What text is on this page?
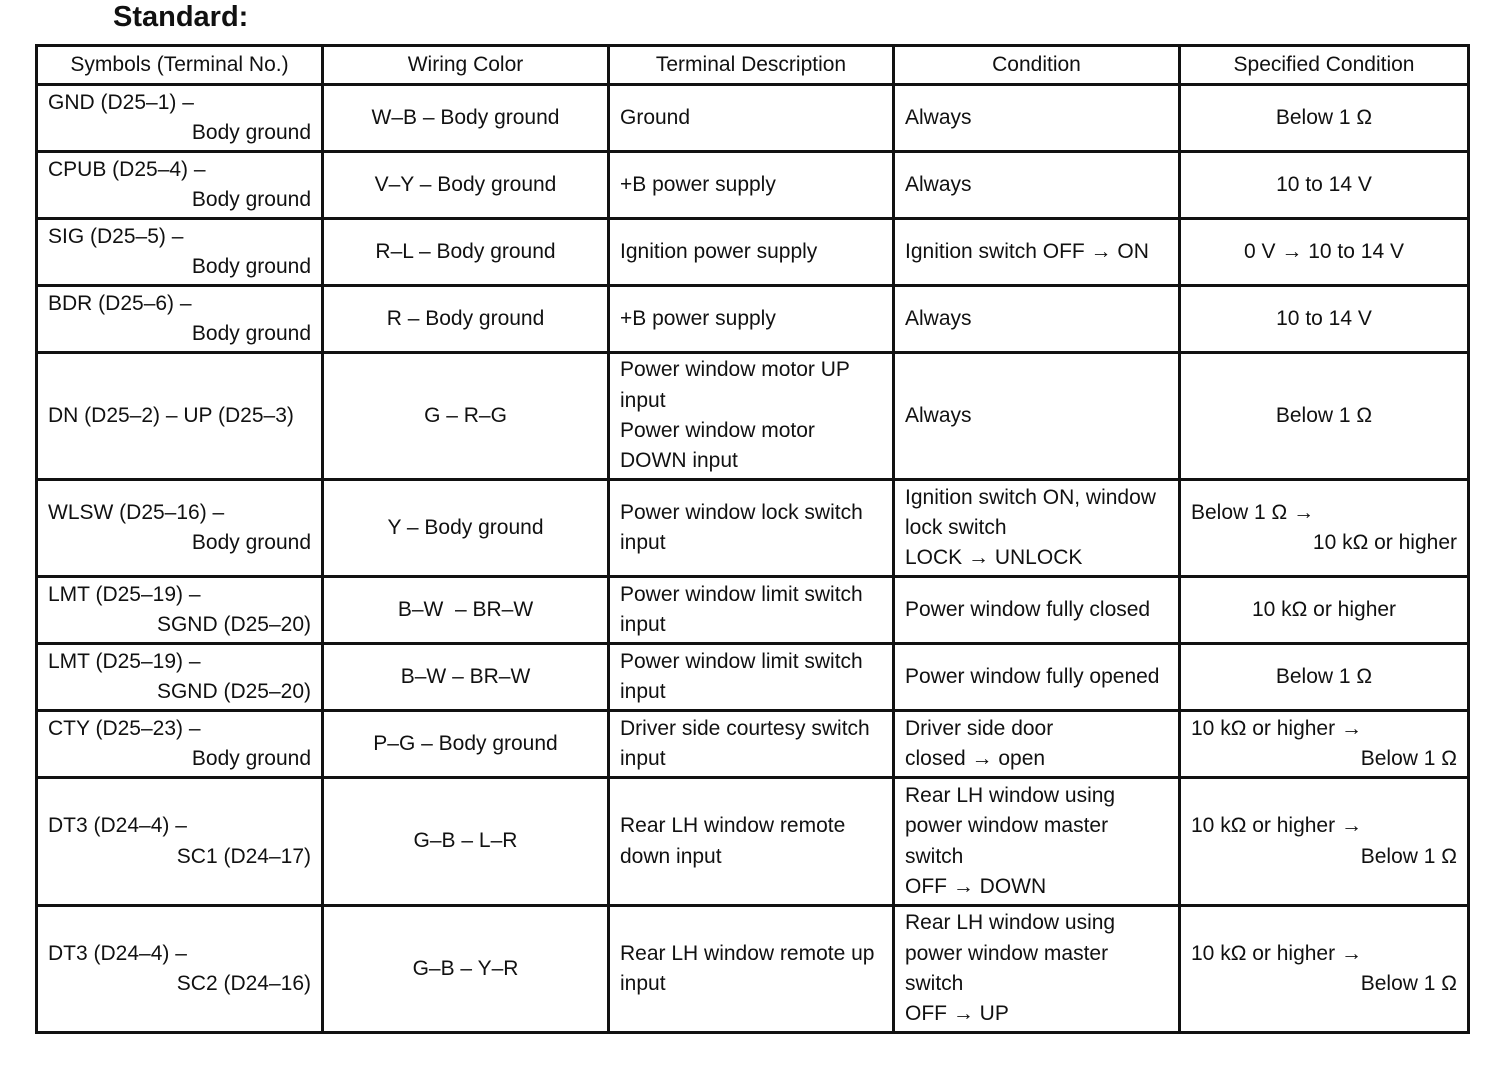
Standard:
Symbols (Terminal No.)	Wiring Color	Terminal Description	Condition	Specified Condition

GND (D25–1) –
Body ground	W–B – Body ground	Ground	Always	Below 1 Ω

CPUB (D25–4) –
Body ground	V–Y – Body ground	+B power supply	Always	10 to 14 V

SIG (D25–5) –
Body ground	R–L – Body ground	Ignition power supply	Ignition switch OFF → ON	0 V → 10 to 14 V

BDR (D25–6) –
Body ground	R – Body ground	+B power supply	Always	10 to 14 V

DN (D25–2) – UP (D25–3)	G – R–G	Power window motor UP
input
Power window motor
DOWN input	Always	Below 1 Ω

WLSW (D25–16) –
Body ground	Y – Body ground	Power window lock switch
input	Ignition switch ON, window
lock switch
LOCK → UNLOCK	Below 1 Ω →
10 kΩ or higher

LMT (D25–19) –
SGND (D25–20)	B–W  – BR–W	Power window limit switch
input	Power window fully closed	10 kΩ or higher

LMT (D25–19) –
SGND (D25–20)	B–W – BR–W	Power window limit switch
input	Power window fully opened	Below 1 Ω

CTY (D25–23) –
Body ground	P–G – Body ground	Driver side courtesy switch
input	Driver side door
closed → open	10 kΩ or higher →
Below 1 Ω

DT3 (D24–4) –
SC1 (D24–17)	G–B – L–R	Rear LH window remote
down input	Rear LH window using
power window master
switch
OFF → DOWN	10 kΩ or higher →
Below 1 Ω

DT3 (D24–4) –
SC2 (D24–16)	G–B – Y–R	Rear LH window remote up
input	Rear LH window using
power window master
switch
OFF → UP	10 kΩ or higher →
Below 1 Ω
